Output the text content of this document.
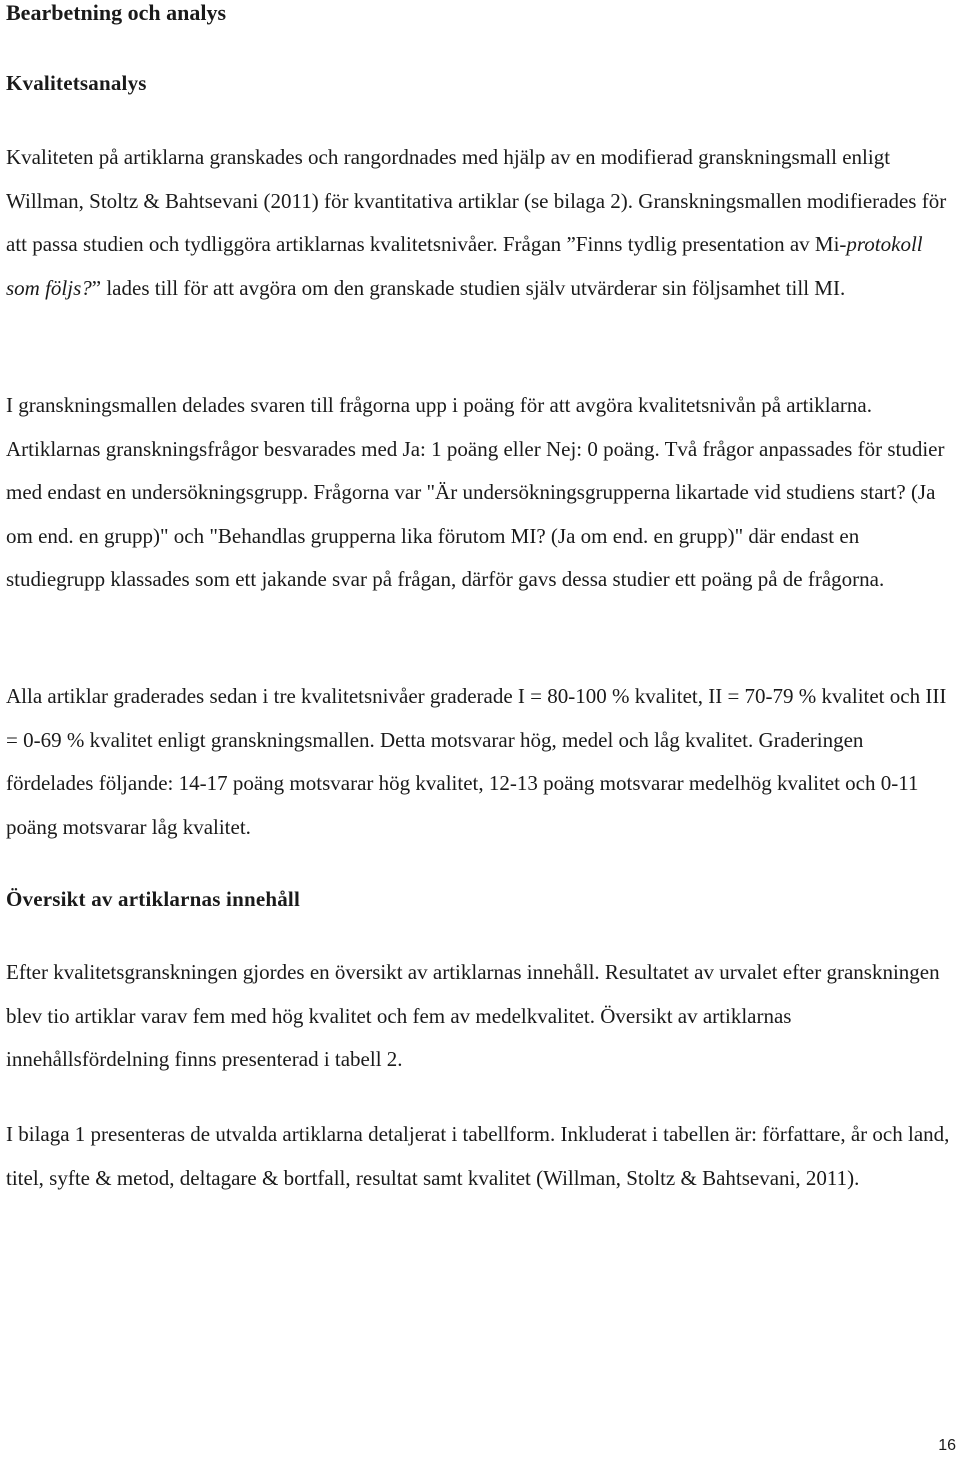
Bearbetning och analys
Kvalitetsanalys

Kvaliteten på artiklarna granskades och rangordnades med hjälp av en modifierad granskningsmall enligt Willman, Stoltz & Bahtsevani (2011) för kvantitativa artiklar (se bilaga 2). Granskningsmallen modifierades för att passa studien och tydliggöra artiklarnas kvalitetsnivåer. Frågan ”Finns tydlig presentation av Mi-protokoll som följs?” lades till för att avgöra om den granskade studien själv utvärderar sin följsamhet till MI.

I granskningsmallen delades svaren till frågorna upp i poäng för att avgöra kvalitetsnivån på artiklarna. Artiklarnas granskningsfrågor besvarades med Ja: 1 poäng eller Nej: 0 poäng. Två frågor anpassades för studier med endast en undersökningsgrupp. Frågorna var "Är undersökningsgrupperna likartade vid studiens start? (Ja om end. en grupp)" och "Behandlas grupperna lika förutom MI? (Ja om end. en grupp)" där endast en studiegrupp klassades som ett jakande svar på frågan, därför gavs dessa studier ett poäng på de frågorna.

Alla artiklar graderades sedan i tre kvalitetsnivåer graderade I = 80-100 % kvalitet, II = 70-79 % kvalitet och III = 0-69 % kvalitet enligt granskningsmallen. Detta motsvarar hög, medel och låg kvalitet. Graderingen fördelades följande: 14-17 poäng motsvarar hög kvalitet, 12-13 poäng motsvarar medelhög kvalitet och 0-11 poäng motsvarar låg kvalitet.

Översikt av artiklarnas innehåll

Efter kvalitetsgranskningen gjordes en översikt av artiklarnas innehåll. Resultatet av urvalet efter granskningen blev tio artiklar varav fem med hög kvalitet och fem av medelkvalitet. Översikt av artiklarnas innehållsfördelning finns presenterad i tabell 2.

I bilaga 1 presenteras de utvalda artiklarna detaljerat i tabellform. Inkluderat i tabellen är: författare, år och land, titel, syfte & metod, deltagare & bortfall, resultat samt kvalitet (Willman, Stoltz & Bahtsevani, 2011).

16
